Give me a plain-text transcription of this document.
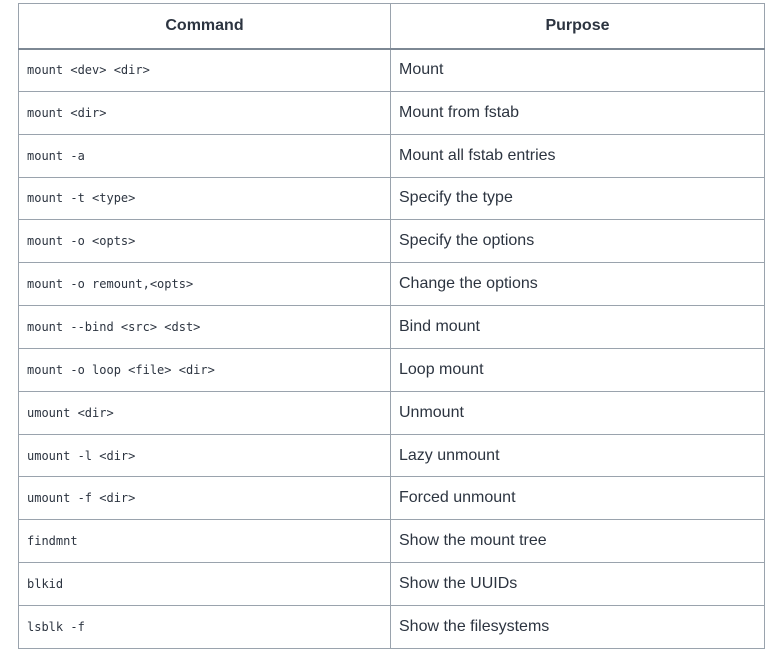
Command	Purpose
mount <dev> <dir>	Mount
mount <dir>	Mount from fstab
mount -a	Mount all fstab entries
mount -t <type>	Specify the type
mount -o <opts>	Specify the options
mount -o remount,<opts>	Change the options
mount --bind <src> <dst>	Bind mount
mount -o loop <file> <dir>	Loop mount
umount <dir>	Unmount
umount -l <dir>	Lazy unmount
umount -f <dir>	Forced unmount
findmnt	Show the mount tree
blkid	Show the UUIDs
lsblk -f	Show the filesystems
